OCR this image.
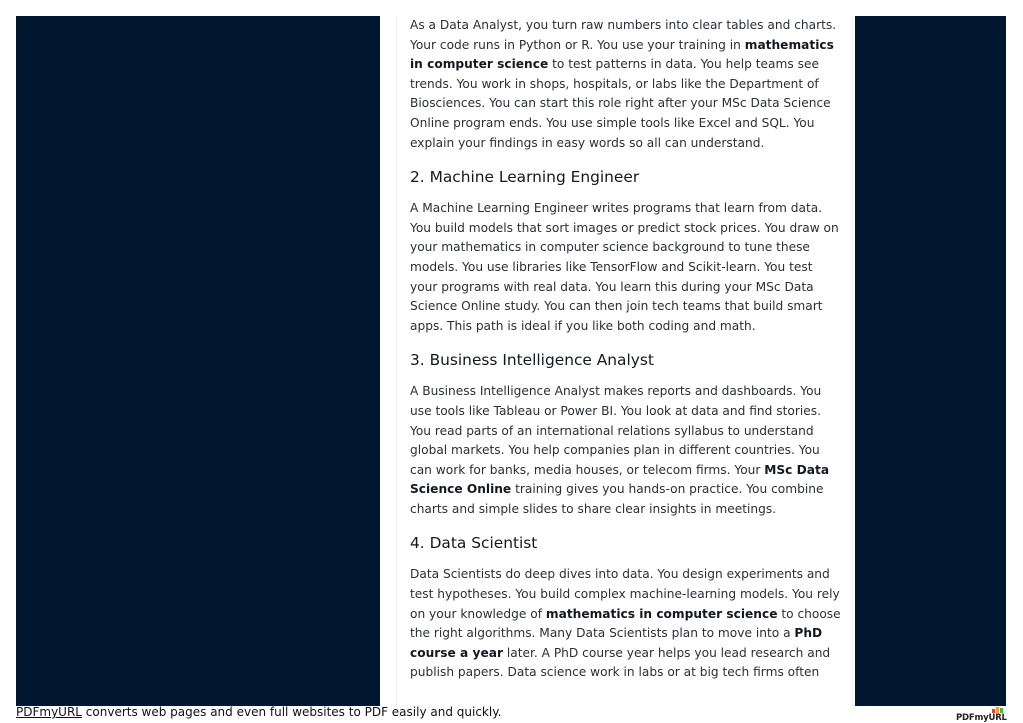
As a Data Analyst, you turn raw numbers into clear tables and charts. Your code runs in Python or R. You use your training in mathematics in computer science to test patterns in data. You help teams see trends. You work in shops, hospitals, or labs like the Department of Biosciences. You can start this role right after your MSc Data Science Online program ends. You use simple tools like Excel and SQL. You explain your findings in easy words so all can understand.

2. Machine Learning Engineer

A Machine Learning Engineer writes programs that learn from data. You build models that sort images or predict stock prices. You draw on your mathematics in computer science background to tune these models. You use libraries like TensorFlow and Scikit-learn. You test your programs with real data. You learn this during your MSc Data Science Online study. You can then join tech teams that build smart apps. This path is ideal if you like both coding and math.

3. Business Intelligence Analyst

A Business Intelligence Analyst makes reports and dashboards. You use tools like Tableau or Power BI. You look at data and find stories. You read parts of an international relations syllabus to understand global markets. You help companies plan in different countries. You can work for banks, media houses, or telecom firms. Your MSc Data Science Online training gives you hands-on practice. You combine charts and simple slides to share clear insights in meetings.

4. Data Scientist

Data Scientists do deep dives into data. You design experiments and test hypotheses. You build complex machine-learning models. You rely on your knowledge of mathematics in computer science to choose the right algorithms. Many Data Scientists plan to move into a PhD course a year later. A PhD course year helps you lead research and publish papers. Data science work in labs or at big tech firms often

PDFmyURL converts web pages and even full websites to PDF easily and quickly.	PDFmyURL
